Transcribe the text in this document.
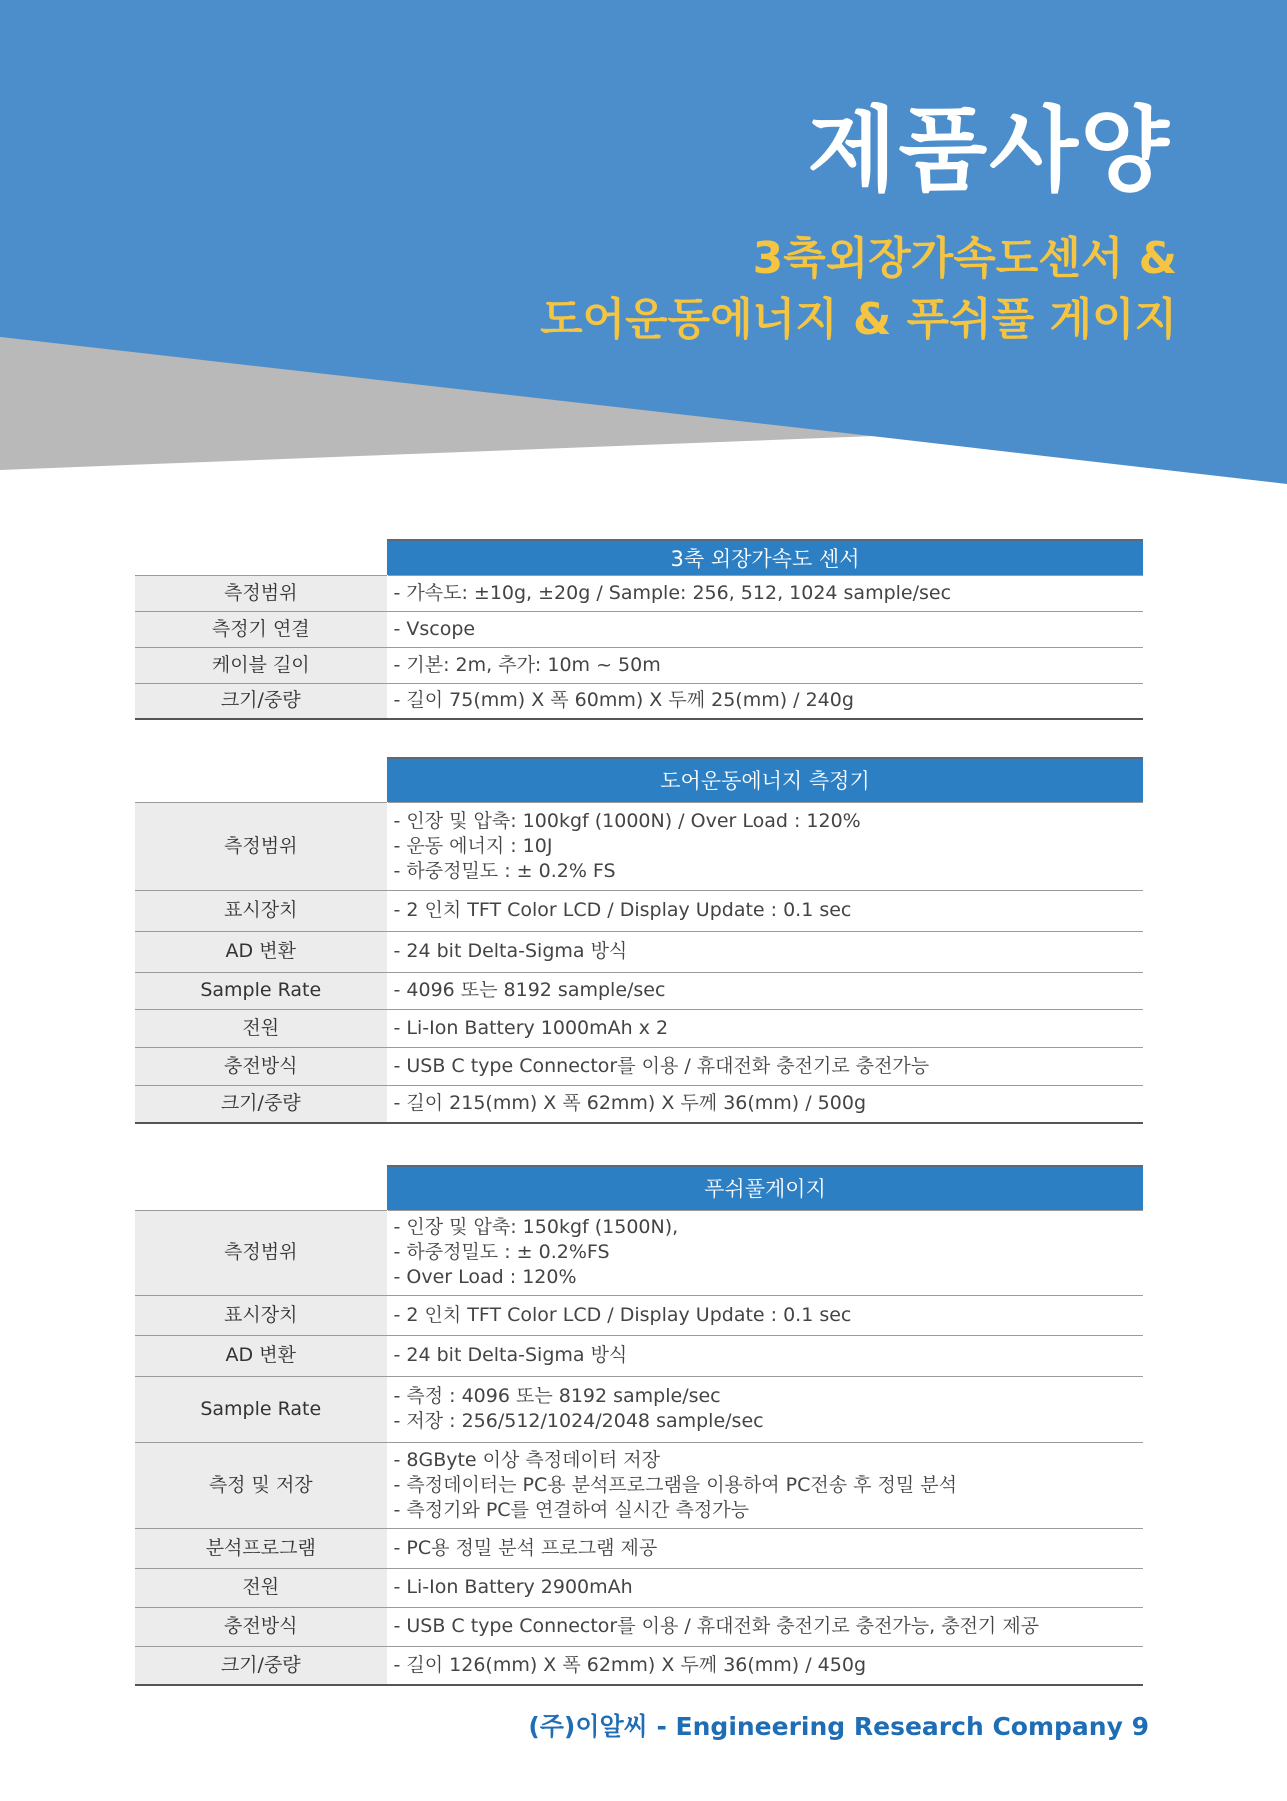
제품사양
3축외장가속도센서 &
도어운동에너지 & 푸쉬풀 게이지
	3축 외장가속도 센서
측정범위	- 가속도: ±10g, ±20g / Sample: 256, 512, 1024 sample/sec

측정기 연결	- Vscope

케이블 길이	- 기본: 2m, 추가: 10m ~ 50m

크기/중량	- 길이 75(mm) X 폭 60mm) X 두께 25(mm) / 240g
	도어운동에너지 측정기
측정범위	- 인장 및 압축: 100kgf (1000N) / Over Load : 120%
- 운동 에너지 : 10J
- 하중정밀도 : ± 0.2% FS

표시장치	- 2 인치 TFT Color LCD / Display Update : 0.1 sec

AD 변환	- 24 bit Delta-Sigma 방식

Sample Rate	- 4096 또는 8192 sample/sec

전원	- Li-Ion Battery 1000mAh x 2

충전방식	- USB C type Connector를 이용 / 휴대전화 충전기로 충전가능

크기/중량	- 길이 215(mm) X 폭 62mm) X 두께 36(mm) / 500g
	푸쉬풀게이지
측정범위	- 인장 및 압축: 150kgf (1500N),
- 하중정밀도 : ± 0.2%FS
- Over Load : 120%

표시장치	- 2 인치 TFT Color LCD / Display Update : 0.1 sec

AD 변환	- 24 bit Delta-Sigma 방식

Sample Rate	- 측정 : 4096 또는 8192 sample/sec
- 저장 : 256/512/1024/2048 sample/sec

측정 및 저장	- 8GByte 이상 측정데이터 저장
- 측정데이터는 PC용 분석프로그램을 이용하여 PC전송 후 정밀 분석
- 측정기와 PC를 연결하여 실시간 측정가능

분석프로그램	- PC용 정밀 분석 프로그램 제공

전원	- Li-Ion Battery 2900mAh

충전방식	- USB C type Connector를 이용 / 휴대전화 충전기로 충전가능, 충전기 제공

크기/중량	- 길이 126(mm) X 폭 62mm) X 두께 36(mm) / 450g
(주)이알씨 - Engineering Research Company 9
